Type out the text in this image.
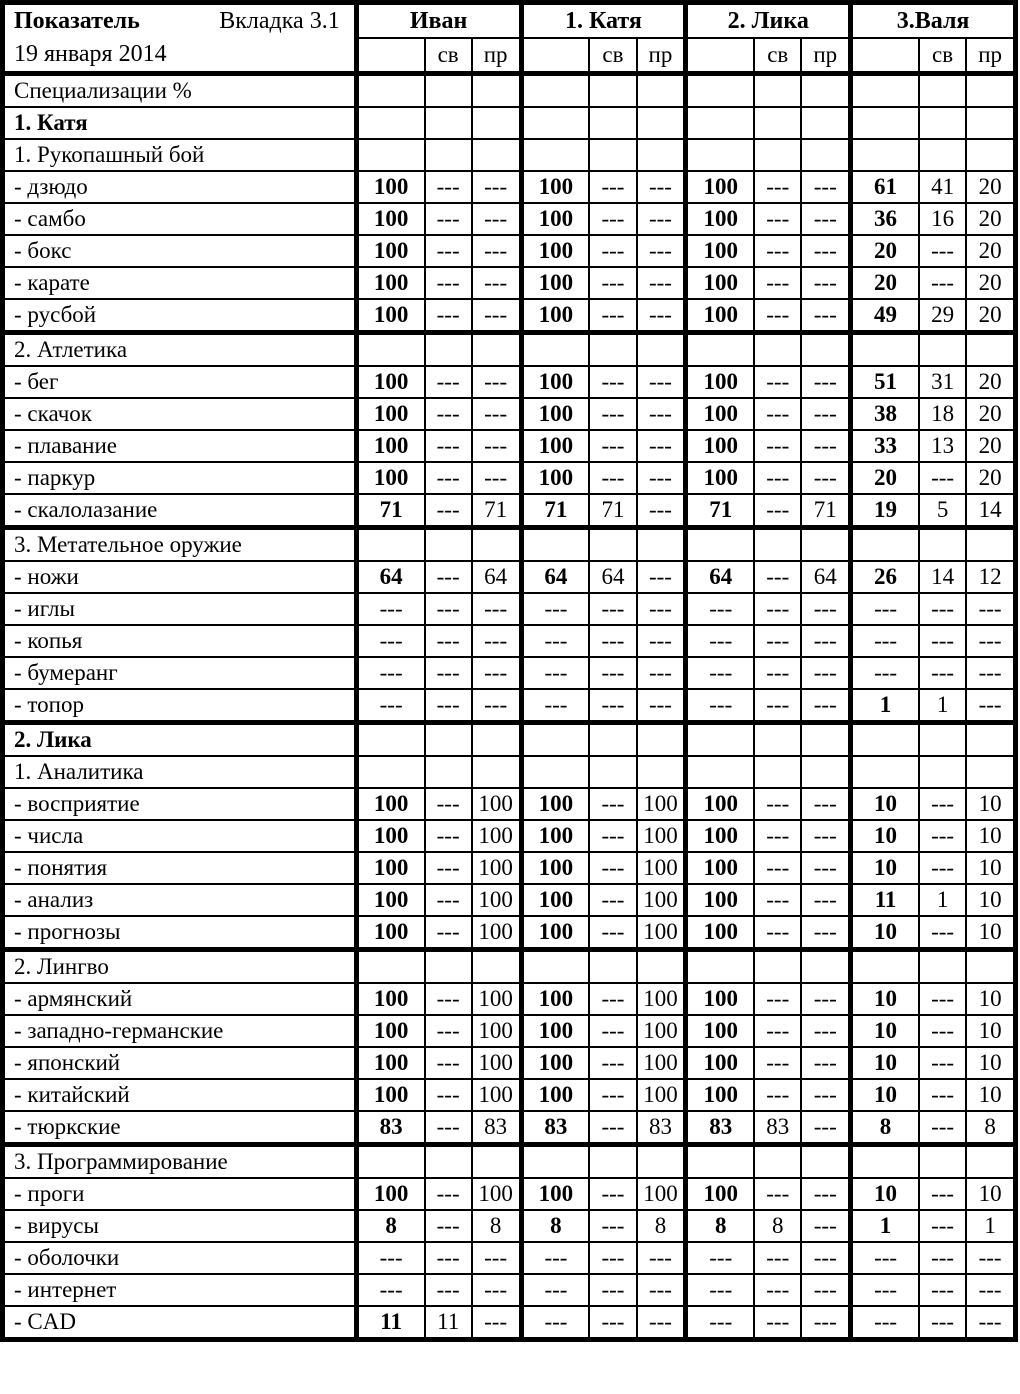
Показатель Вкладка 3.1
19 января 2014	Иван			1. Катя			2. Лика			3.Валя		
		св	пр		св	пр		св	пр		св	пр
Специализации %												
1. Катя												
1. Рукопашный бой												
- дзюдо	100	---	---	100	---	---	100	---	---	61	41	20
- самбо	100	---	---	100	---	---	100	---	---	36	16	20
- бокс	100	---	---	100	---	---	100	---	---	20	---	20
- карате	100	---	---	100	---	---	100	---	---	20	---	20
- русбой	100	---	---	100	---	---	100	---	---	49	29	20
2. Атлетика												
- бег	100	---	---	100	---	---	100	---	---	51	31	20
- скачок	100	---	---	100	---	---	100	---	---	38	18	20
- плавание	100	---	---	100	---	---	100	---	---	33	13	20
- паркур	100	---	---	100	---	---	100	---	---	20	---	20
- скалолазание	71	---	71	71	71	---	71	---	71	19	5	14
3. Метательное оружие												
- ножи	64	---	64	64	64	---	64	---	64	26	14	12
- иглы	---	---	---	---	---	---	---	---	---	---	---	---
- копья	---	---	---	---	---	---	---	---	---	---	---	---
- бумеранг	---	---	---	---	---	---	---	---	---	---	---	---
- топор	---	---	---	---	---	---	---	---	---	1	1	---
2. Лика												
1. Аналитика												
- восприятие	100	---	100	100	---	100	100	---	---	10	---	10
- числа	100	---	100	100	---	100	100	---	---	10	---	10
- понятия	100	---	100	100	---	100	100	---	---	10	---	10
- анализ	100	---	100	100	---	100	100	---	---	11	1	10
- прогнозы	100	---	100	100	---	100	100	---	---	10	---	10
2. Лингво												
- армянский	100	---	100	100	---	100	100	---	---	10	---	10
- западно-германские	100	---	100	100	---	100	100	---	---	10	---	10
- японский	100	---	100	100	---	100	100	---	---	10	---	10
- китайский	100	---	100	100	---	100	100	---	---	10	---	10
- тюркские	83	---	83	83	---	83	83	83	---	8	---	8
3. Программирование												
- проги	100	---	100	100	---	100	100	---	---	10	---	10
- вирусы	8	---	8	8	---	8	8	8	---	1	---	1
- оболочки	---	---	---	---	---	---	---	---	---	---	---	---
- интернет	---	---	---	---	---	---	---	---	---	---	---	---
- CAD	11	11	---	---	---	---	---	---	---	---	---	---
